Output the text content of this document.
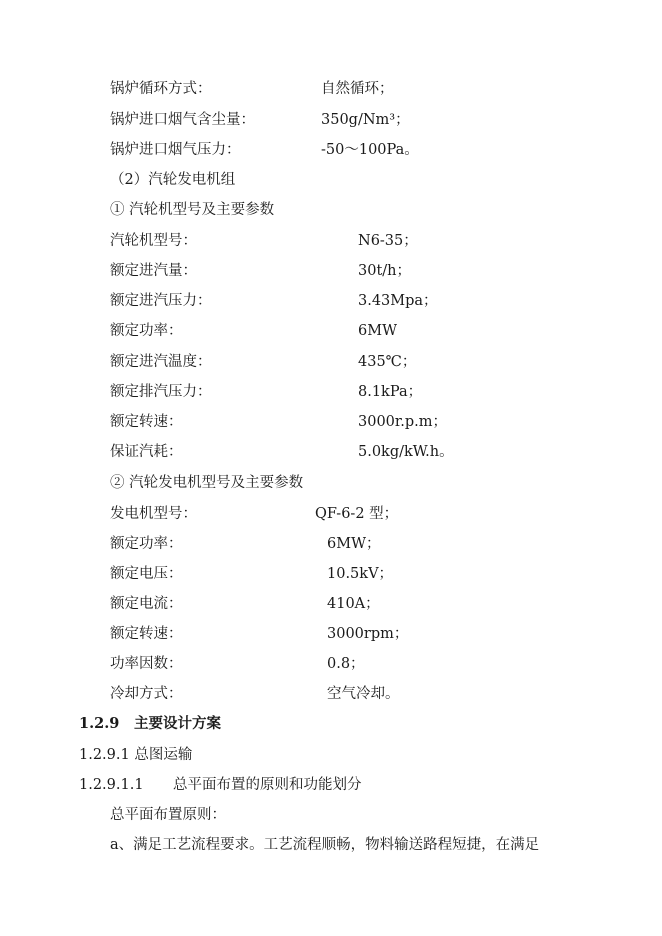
锅炉循环方式：	自然循环；
锅炉进口烟气含尘量：	350g/Nm³；
锅炉进口烟气压力：	-50～100Pa。
（2）汽轮发电机组
① 汽轮机型号及主要参数
汽轮机型号：	N6-35；
额定进汽量：	30t/h；
额定进汽压力：	3.43Mpa；
额定功率：	6MW
额定进汽温度：	435℃；
额定排汽压力：	8.1kPa；
额定转速：	3000r.p.m；
保证汽耗：	5.0kg/kW.h。
② 汽轮发电机型号及主要参数
发电机型号：	QF-6-2 型；
额定功率：	6MW；
额定电压：	10.5kV；
额定电流：	410A；
额定转速：	3000rpm；
功率因数：	0.8；
冷却方式：	空气冷却。
1.2.9 主要设计方案
1.2.9.1 总图运输
1.2.9.1.1 总平面布置的原则和功能划分
总平面布置原则：
a、满足工艺流程要求。工艺流程顺畅，物料输送路程短捷，在满足
